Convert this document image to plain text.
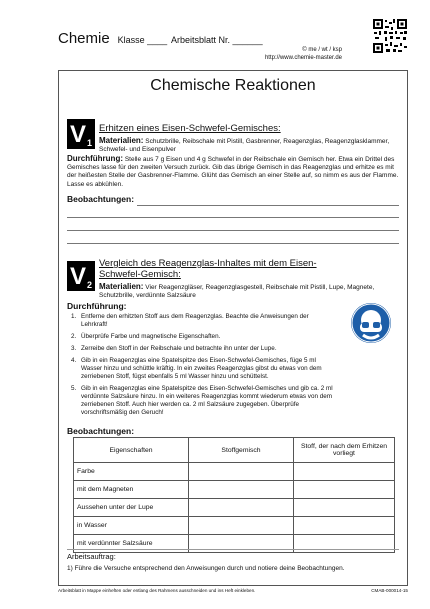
Chemie Klasse ____ Arbeitsblatt Nr. ______
© me / wt / ksp
http://www.chemie-master.de
Chemische Reaktionen
$V_1$
Erhitzen eines Eisen-Schwefel-Gemisches:
Materialien: Schutzbrille, Reibschale mit Pistill, Gasbrenner, Reagenzglas, Reagenzglasklammer, Schwefel- und Eisenpulver
Durchführung: Stelle aus 7 g Eisen und 4 g Schwefel in der Reibschale ein Gemisch her. Etwa ein Drittel des Gemisches lasse für den zweiten Versuch zurück. Gib das übrige Gemisch in das Reagenzglas und erhitze es mit der heißesten Stelle der Gasbrenner-Flamme. Glüht das Gemisch an einer Stelle auf, so nimm es aus der Flamme. Lasse es abkühlen.
Beobachtungen:
$V_2$
Vergleich des Reagenzglas-Inhaltes mit dem Eisen-Schwefel-Gemisch:
Materialien: Vier Reagenzgläser, Reagenzglasgestell, Reibschale mit Pistill, Lupe, Magnete, Schutzbrille, verdünnte Salzsäure
Durchführung:
1. Entferne den erhitzten Stoff aus dem Reagenzglas. Beachte die Anweisungen der Lehrkraft!
2. Überprüfe Farbe und magnetische Eigenschaften.
3. Zerreibe den Stoff in der Reibschale und betrachte ihn unter der Lupe.
4. Gib in ein Reagenzglas eine Spatelspitze des Eisen-Schwefel-Gemisches, füge 5 ml Wasser hinzu und schüttle kräftig. In ein zweites Reagenzglas gibst du etwas von dem zerriebenen Stoff, fügst ebenfalls 5 ml Wasser hinzu und schüttelst.
5. Gib in ein Reagenzglas eine Spatelspitze des Eisen-Schwefel-Gemisches und gib ca. 2 ml verdünnte Salzsäure hinzu. In ein weiteres Reagenzglas kommt wiederum etwas von dem zerriebenen Stoff. Auch hier werden ca. 2 ml Salzsäure zugegeben. Überprüfe vorschriftsmäßig den Geruch!
Beobachtungen:
Eigenschaften	Stoffgemisch	Stoff, der nach dem Erhitzen vorliegt
Farbe		
mit dem Magneten		
Aussehen unter der Lupe		
in Wasser		
mit verdünnter Salzsäure		
Arbeitsauftrag:
1) Führe die Versuche entsprechend den Anweisungen durch und notiere deine Beobachtungen.
Arbeitsblatt in Mappe einheften oder entlang des Rahmens ausschneiden und ins Heft einkleben.	CMAB-000014-15
